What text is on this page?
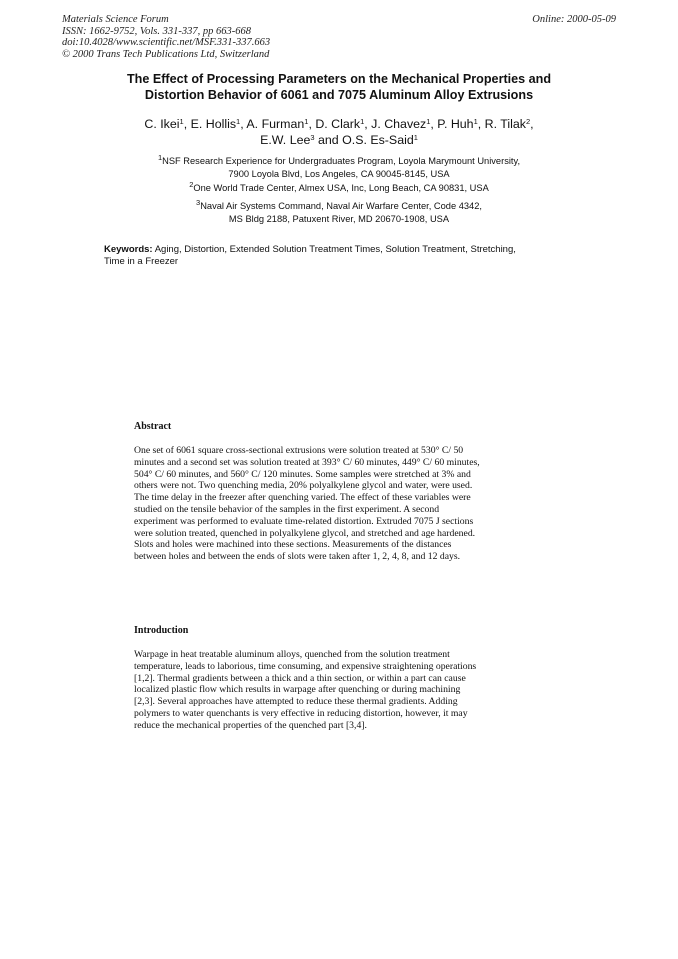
Materials Science Forum
ISSN: 1662-9752, Vols. 331-337, pp 663-668
doi:10.4028/www.scientific.net/MSF.331-337.663
© 2000 Trans Tech Publications Ltd, Switzerland
Online: 2000-05-09
The Effect of Processing Parameters on the Mechanical Properties and
Distortion Behavior of 6061 and 7075 Aluminum Alloy Extrusions
C. Ikei$^1$, E. Hollis$^1$, A. Furman$^1$, D. Clark$^1$, J. Chavez$^1$, P. Huh$^1$, R. Tilak$^2$,
E.W. Lee$^3$ and O.S. Es-Said$^1$
$^1$NSF Research Experience for Undergraduates Program, Loyola Marymount University,
7900 Loyola Blvd, Los Angeles, CA 90045-8145, USA
$^2$One World Trade Center, Almex USA, Inc, Long Beach, CA 90831, USA
$^3$Naval Air Systems Command, Naval Air Warfare Center, Code 4342,
MS Bldg 2188, Patuxent River, MD 20670-1908, USA
Keywords: Aging, Distortion, Extended Solution Treatment Times, Solution Treatment, Stretching,
Time in a Freezer
Abstract
One set of 6061 square cross-sectional extrusions were solution treated at 530° C/ 50
minutes and a second set was solution treated at 393° C/ 60 minutes, 449° C/ 60 minutes,
504° C/ 60 minutes, and 560° C/ 120 minutes. Some samples were stretched at 3% and
others were not. Two quenching media, 20% polyalkylene glycol and water, were used.
The time delay in the freezer after quenching varied. The effect of these variables were
studied on the tensile behavior of the samples in the first experiment. A second
experiment was performed to evaluate time-related distortion. Extruded 7075 J sections
were solution treated, quenched in polyalkylene glycol, and stretched and age hardened.
Slots and holes were machined into these sections. Measurements of the distances
between holes and between the ends of slots were taken after 1, 2, 4, 8, and 12 days.
Introduction
Warpage in heat treatable aluminum alloys, quenched from the solution treatment
temperature, leads to laborious, time consuming, and expensive straightening operations
[1,2]. Thermal gradients between a thick and a thin section, or within a part can cause
localized plastic flow which results in warpage after quenching or during machining
[2,3]. Several approaches have attempted to reduce these thermal gradients. Adding
polymers to water quenchants is very effective in reducing distortion, however, it may
reduce the mechanical properties of the quenched part [3,4].
